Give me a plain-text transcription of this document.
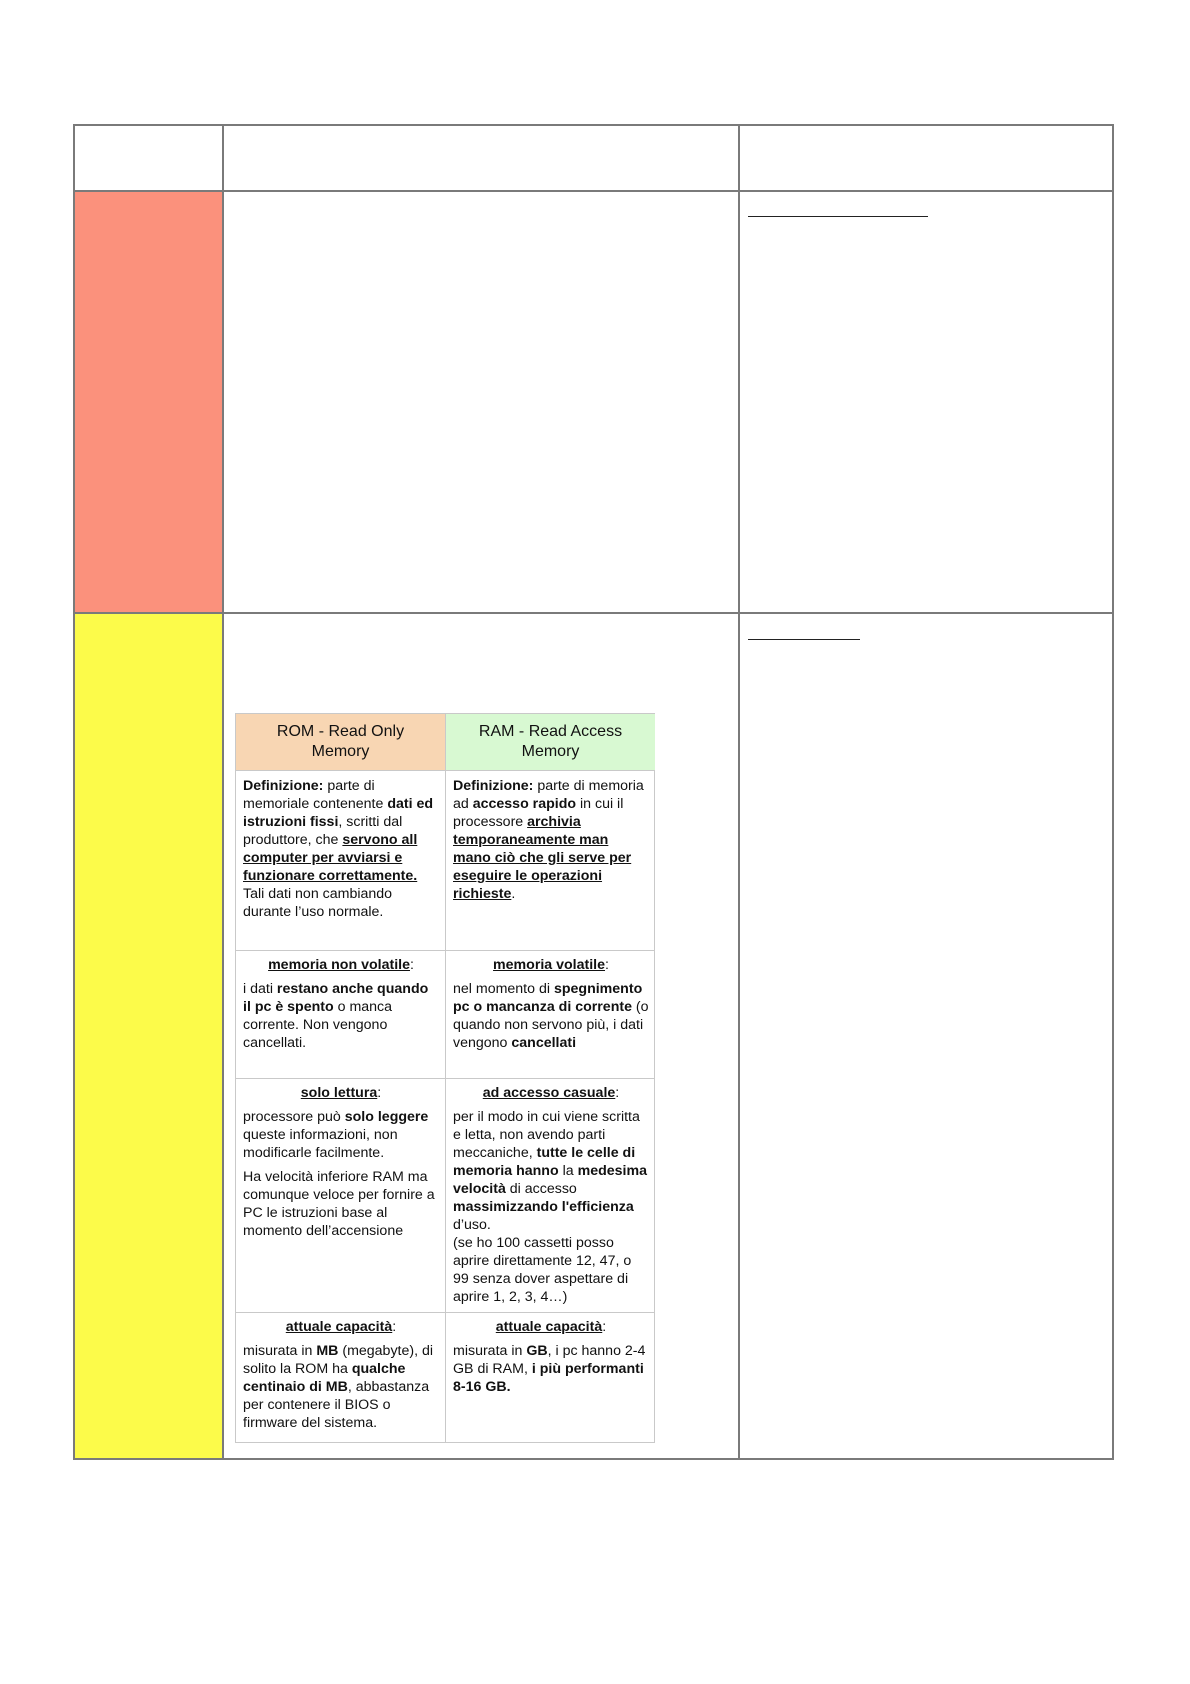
ROM - Read Only Memory
RAM - Read Access Memory

Definizione: parte di memoriale contenente dati ed istruzioni fissi, scritti dal produttore, che servono all computer per avviarsi e funzionare correttamente. Tali dati non cambiando durante l’uso normale.

Definizione: parte di memoria ad accesso rapido in cui il processore archivia temporaneamente man mano ciò che gli serve per eseguire le operazioni richieste.

memoria non volatile:

i dati restano anche quando il pc è spento o manca corrente. Non vengono cancellati.

memoria volatile:

nel momento di spegnimento pc o mancanza di corrente (o quando non servono più, i dati vengono cancellati

solo lettura:

processore può solo leggere queste informazioni, non modificarle facilmente.

Ha velocità inferiore RAM ma comunque veloce per fornire a PC le istruzioni base al momento dell’accensione

ad accesso casuale:

per il modo in cui viene scritta e letta, non avendo parti meccaniche, tutte le celle di memoria hanno la medesima velocità di accesso massimizzando l'efficienza d’uso.

(se ho 100 cassetti posso aprire direttamente 12, 47, o 99 senza dover aspettare di aprire 1, 2, 3, 4…)

attuale capacità:

misurata in MB (megabyte), di solito la ROM ha qualche centinaio di MB, abbastanza per contenere il BIOS o firmware del sistema.

attuale capacità:

misurata in GB, i pc hanno 2-4 GB di RAM, i più performanti 8-16 GB.
